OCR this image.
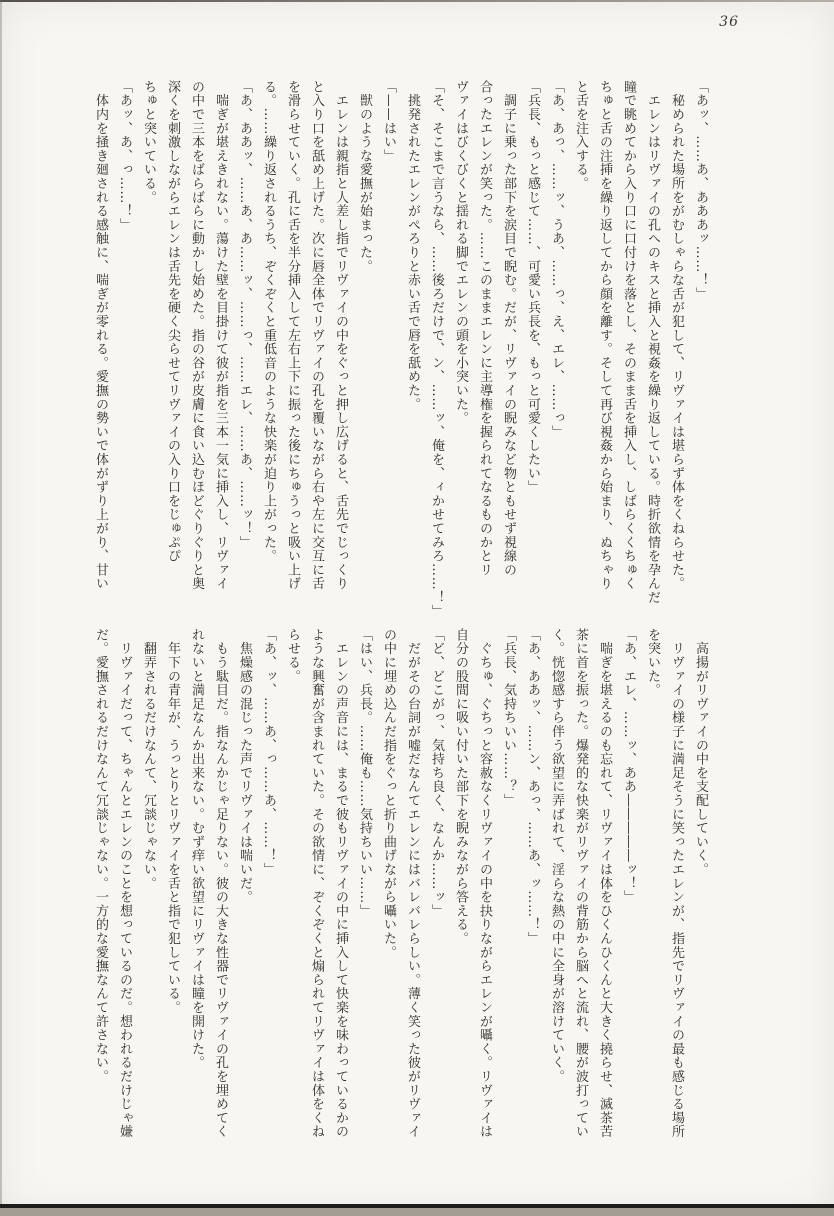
36
「あッ、……あ、あああッ……！」
　秘められた場所をがむしゃらな舌が犯して、リヴァイは堪らず体をくねらせた。
　エレンはリヴァイの孔へのキスと挿入と視姦を繰り返している。時折欲情を孕んだ
瞳で眺めてから入り口に口付けを落とし、そのまま舌を挿入し、しばらくくちゅく
ちゅと舌の注挿を繰り返してから顔を離す。そして再び視姦から始まり、ぬちゃり
と舌を注入する。
「あ、あっ、……ッ、うあ、……っ、え、エレ、……っ」
「兵長、もっと感じて……、可愛い兵長を、もっと可愛くしたい」
　調子に乗った部下を涙目で睨む。だが、リヴァイの睨みなど物ともせず視線の
合ったエレンが笑った。……このままエレンに主導権を握られてなるものかとリ
ヴァイはびくびくと揺れる脚でエレンの頭を小突いた。
「そ、そこまで言うなら、……後ろだけで、ン、……ッ、俺を、ィかせてみろ……！」
　挑発されたエレンがぺろりと赤い舌で唇を舐めた。
「——はい」
　獣のような愛撫が始まった。
　エレンは親指と人差し指でリヴァイの中をぐっと押し広げると、舌先でじっくり
と入り口を舐め上げた。次に唇全体でリヴァイの孔を覆いながら右や左に交互に舌
を滑らせていく。孔に舌を半分挿入して左右上下に振った後にちゅうっと吸い上げ
る。……繰り返されるうち、ぞくぞくと重低音のような快楽が迫り上がった。
「あ、ああッ、……あ、あ……ッ、……っ、……エレ、……あ、……ッ！」
　喘ぎが堪えきれない。蕩けた壁を目掛けて彼が指を三本一気に挿入し、リヴァイ
の中で三本をばらばらに動かし始めた。指の谷が皮膚に食い込むほどぐりぐりと奥
深くを刺激しながらエレンは舌先を硬く尖らせてリヴァイの入り口をじゅぷぴ
ちゅと突いている。
「あッ、あ、っ……！」
　体内を掻き廻される感触に、喘ぎが零れる。愛撫の勢いで体がずり上がり、甘い
　高揚がリヴァイの中を支配していく。
　リヴァイの様子に満足そうに笑ったエレンが、指先でリヴァイの最も感じる場所
を突いた。
「あ、エレ、……ッ、ああ―――――ッ！」
　喘ぎを堪えるのも忘れて、リヴァイは体をひくんひくんと大きく撓らせ、滅茶苦
茶に首を振った。爆発的な快楽がリヴァイの背筋から脳へと流れ、腰が波打ってい
く。恍惚感すら伴う欲望に弄ばれて、淫らな熱の中に全身が溶けていく。
「あ、ああッ、……ン、あっ、……あ、ッ……！」
「兵長、気持ちいい……？」
　ぐちゅ、ぐちっと容赦なくリヴァイの中を抉りながらエレンが囁く。リヴァイは
自分の股間に吸い付いた部下を睨みながら答える。
「ど、どこがっ、気持ち良く、なんか……ッ」
　だがその台詞が嘘だなんてエレンにはバレバレらしい。薄く笑った彼がリヴァイ
の中に埋め込んだ指をぐっと折り曲げながら囁いた。
「はい、兵長。……俺も……気持ちいい……」
　エレンの声音には、まるで彼もリヴァイの中に挿入して快楽を味わっているかの
ような興奮が含まれていた。その欲情に、ぞくぞくと煽られてリヴァイは体をくね
らせる。
「あ、ッ、……あ、っ……あ、……！」
　焦燥感の混じった声でリヴァイは喘いだ。
　もう駄目だ。指なんかじゃ足りない。彼の大きな性器でリヴァイの孔を埋めてく
れないと満足なんか出来ない。むず痒い欲望にリヴァイは瞳を開けた。
　年下の青年が、うっとりとリヴァイを舌と指で犯している。
　翻弄されるだけなんて、冗談じゃない。
　リヴァイだって、ちゃんとエレンのことを想っているのだ。想われるだけじゃ嫌
だ。愛撫されるだけなんて冗談じゃない。一方的な愛撫なんて許さない。
